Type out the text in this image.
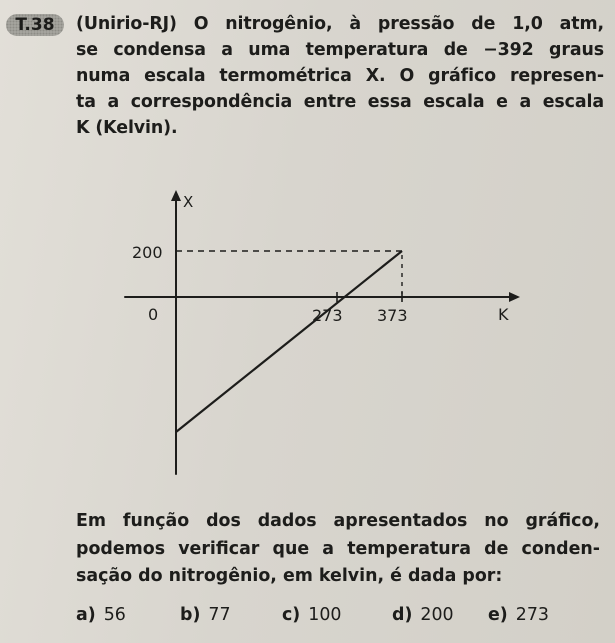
T.38	(Unirio-RJ) O nitrogênio, à pressão de 1,0 atm,
se condensa a uma temperatura de −392 graus
numa escala termométrica X. O gráfico represen-
ta a correspondência entre essa escala e a escala
K (Kelvin).
X
K
200
0	273 373
Em função dos dados apresentados no gráfico,
podemos verificar que a temperatura de conden-
sação do nitrogênio, em kelvin, é dada por:
a) 56	b) 77	c) 100	d) 200 e) 273
